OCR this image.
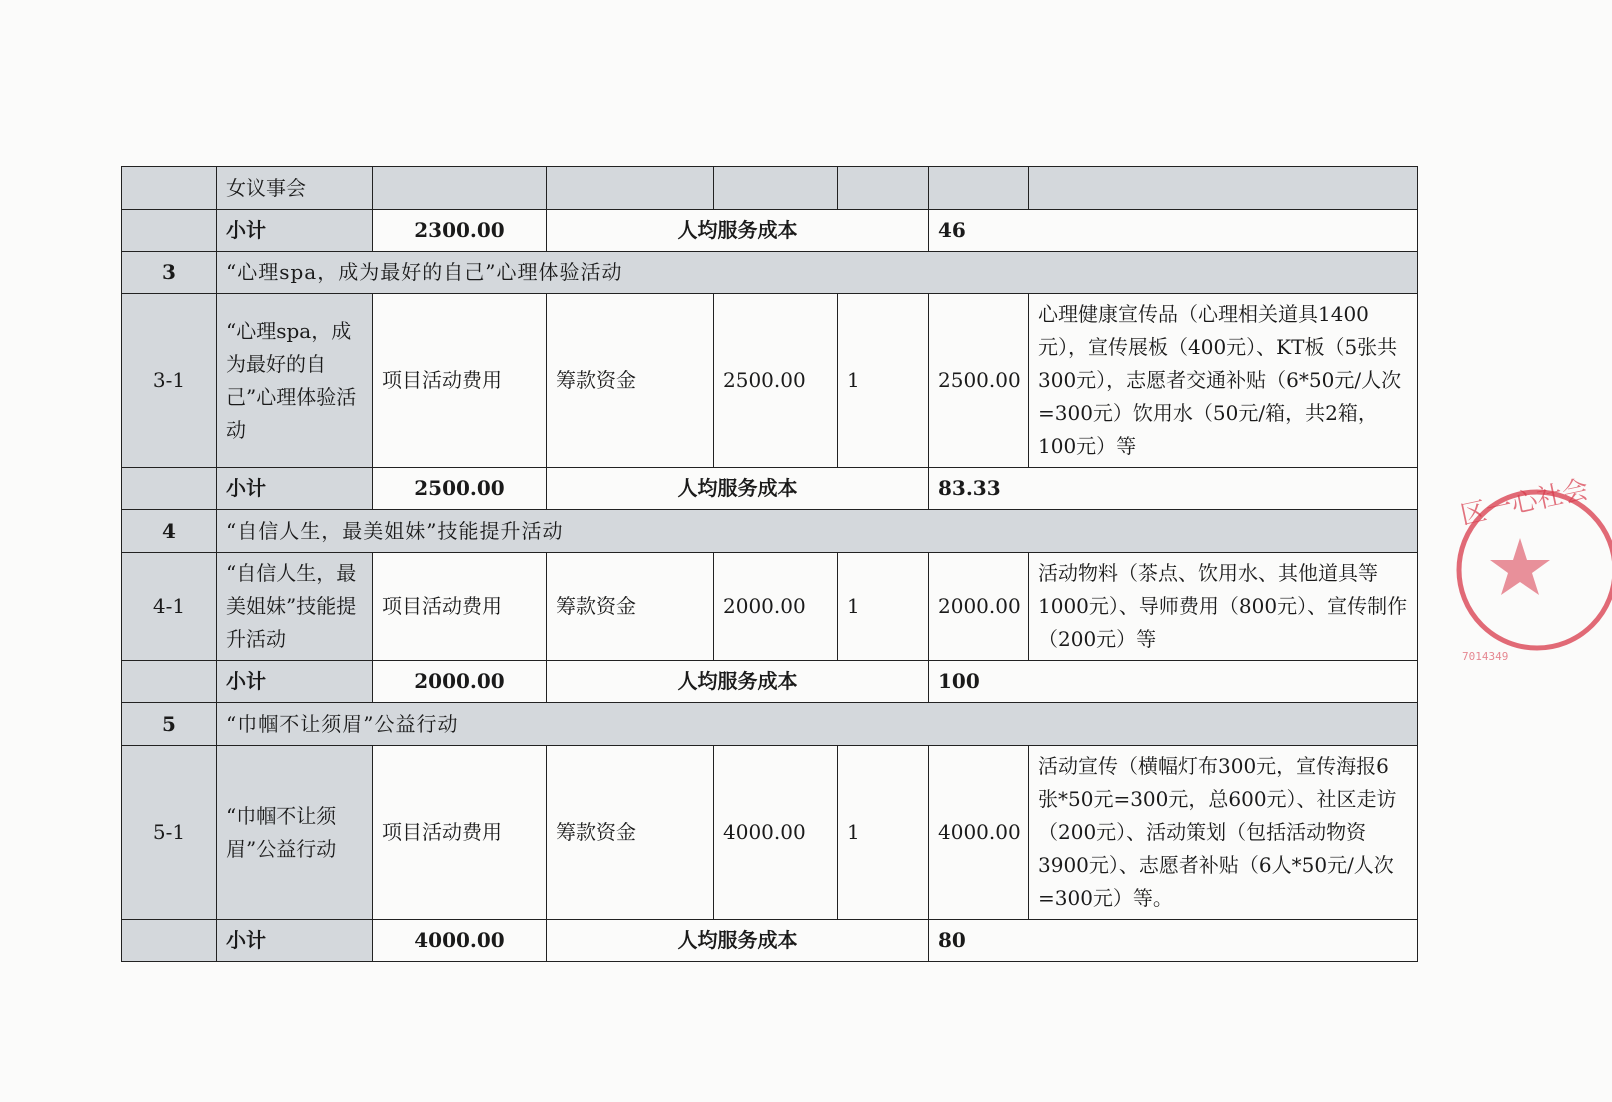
	女议事会						
	小计	2300.00	人均服务成本			46	
3	“心理spa，成为最好的自己”心理体验活动						
3-1	“心理spa，成为最好的自己”心理体验活动	项目活动费用	筹款资金	2500.00	1	2500.00	心理健康宣传品（心理相关道具1400元），宣传展板（400元）、KT板（5张共300元），志愿者交通补贴（6*50元/人次=300元）饮用水（50元/箱，共2箱，100元）等
	小计	2500.00	人均服务成本			83.33	
4	“自信人生，最美姐妹”技能提升活动						
4-1	“自信人生，最美姐妹”技能提升活动	项目活动费用	筹款资金	2000.00	1	2000.00	活动物料（茶点、饮用水、其他道具等1000元）、导师费用（800元）、宣传制作（200元）等
	小计	2000.00	人均服务成本			100	
5	“巾帼不让须眉”公益行动						
5-1	“巾帼不让须眉”公益行动	项目活动费用	筹款资金	4000.00	1	4000.00	活动宣传（横幅灯布300元，宣传海报6张*50元=300元，总600元）、社区走访（200元）、活动策划（包括活动物资3900元）、志愿者补贴（6人*50元/人次=300元）等。
	小计	4000.00	人均服务成本			80	
区一心社会
7014349
